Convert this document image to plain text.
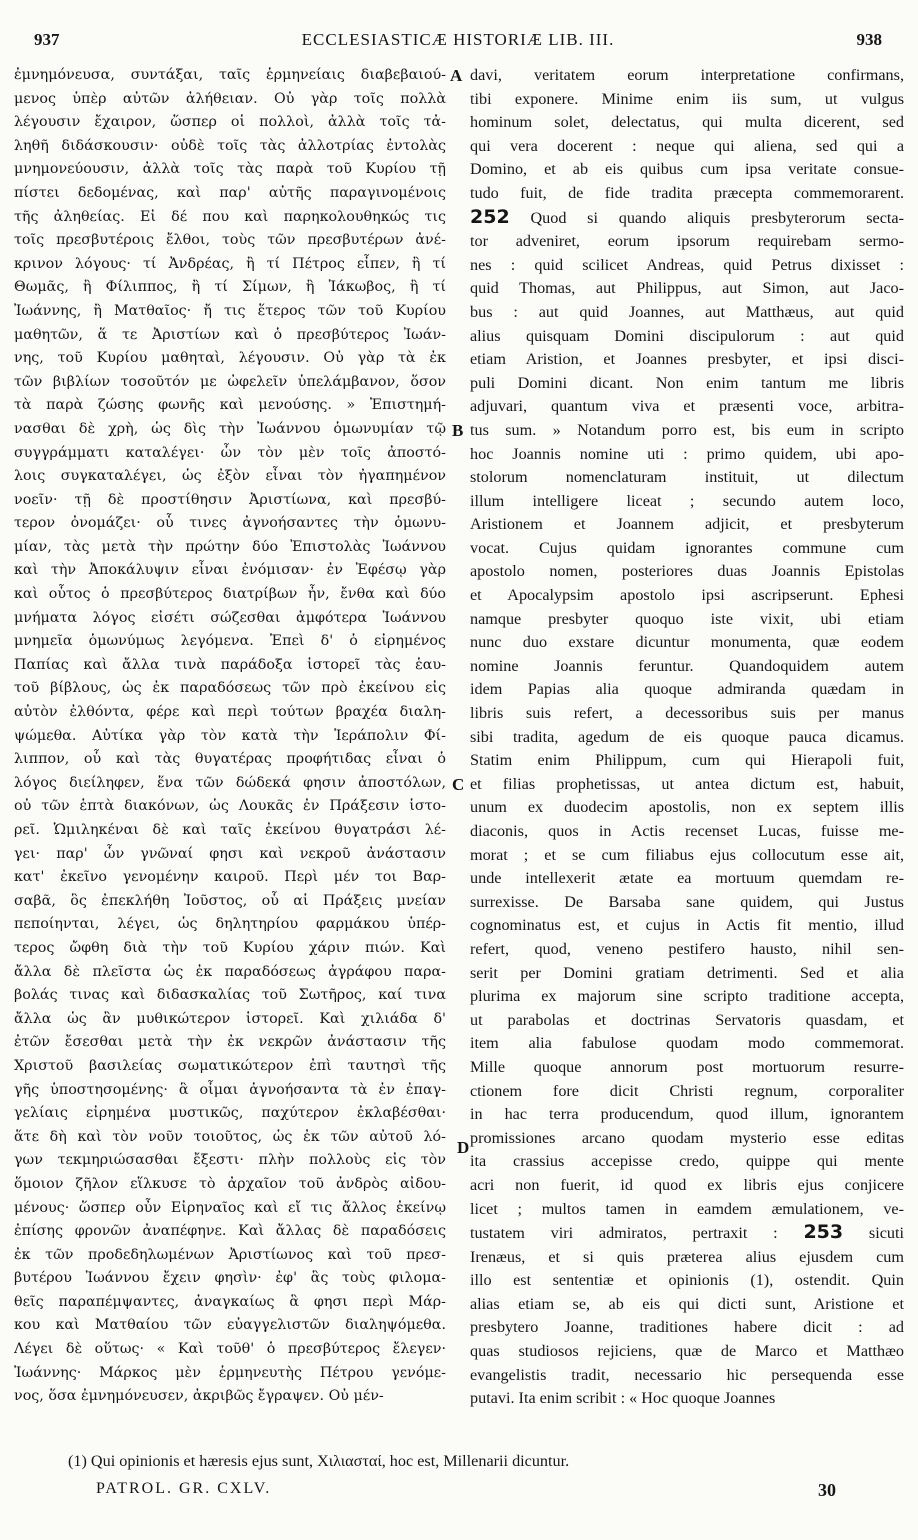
937	ECCLESIASTICÆ HISTORIÆ LIB. III.	938
ἐμνημόνευσα, συντάξαι, ταῖς ἑρμηνείαις διαβεβαιού-
μενος ὑπὲρ αὐτῶν ἀλήθειαν. Οὐ γὰρ τοῖς πολλὰ
λέγουσιν ἔχαιρον, ὥσπερ οἱ πολλοὶ, ἀλλὰ τοῖς τἀ-
ληθῆ διδάσκουσιν· οὐδὲ τοῖς τὰς ἀλλοτρίας ἐντολὰς
μνημονεύουσιν, ἀλλὰ τοῖς τὰς παρὰ τοῦ Κυρίου τῇ
πίστει δεδομένας, καὶ παρ' αὐτῆς παραγινομένοις
τῆς ἀληθείας. Εἰ δέ που καὶ παρηκολουθηκώς τις
τοῖς πρεσβυτέροις ἔλθοι, τοὺς τῶν πρεσβυτέρων ἀνέ-
κρινον λόγους· τί Ἀνδρέας, ἢ τί Πέτρος εἶπεν, ἢ τί
Θωμᾶς, ἢ Φίλιππος, ἢ τί Σίμων, ἢ Ἰάκωβος, ἢ τί
Ἰωάννης, ἢ Ματθαῖος· ἤ τις ἕτερος τῶν τοῦ Κυρίου
μαθητῶν, ἅ τε Ἀριστίων καὶ ὁ πρεσβύτερος Ἰωάν-
νης, τοῦ Κυρίου μαθηταὶ, λέγουσιν. Οὐ γὰρ τὰ ἐκ
τῶν βιβλίων τοσοῦτόν με ὠφελεῖν ὑπελάμβανον, ὅσον
τὰ παρὰ ζώσης φωνῆς καὶ μενούσης. » Ἐπιστημή-
νασθαι δὲ χρὴ, ὡς δὶς τὴν Ἰωάννου ὁμωνυμίαν τῷ
συγγράμματι καταλέγει· ὧν τὸν μὲν τοῖς ἀποστό-
λοις συγκαταλέγει, ὡς ἐξὸν εἶναι τὸν ἠγαπημένον
νοεῖν· τῇ δὲ προστίθησιν Ἀριστίωνα, καὶ πρεσβύ-
τερον ὀνομάζει· οὗ τινες ἀγνοήσαντες τὴν ὁμωνυ-
μίαν, τὰς μετὰ τὴν πρώτην δύο Ἐπιστολὰς Ἰωάννου
καὶ τὴν Ἀποκάλυψιν εἶναι ἐνόμισαν· ἐν Ἐφέσῳ γὰρ
καὶ οὗτος ὁ πρεσβύτερος διατρίβων ἦν, ἔνθα καὶ δύο
μνήματα λόγος εἰσέτι σώζεσθαι ἀμφότερα Ἰωάννου
μνημεῖα ὁμωνύμως λεγόμενα. Ἐπεὶ δ' ὁ εἰρημένος
Παπίας καὶ ἄλλα τινὰ παράδοξα ἱστορεῖ τὰς ἑαυ-
τοῦ βίβλους, ὡς ἐκ παραδόσεως τῶν πρὸ ἐκείνου εἰς
αὐτὸν ἐλθόντα, φέρε καὶ περὶ τούτων βραχέα διαλη-
ψώμεθα. Αὐτίκα γὰρ τὸν κατὰ τὴν Ἱεράπολιν Φί-
λιππον, οὗ καὶ τὰς θυγατέρας προφήτιδας εἶναι ὁ
λόγος διείληφεν, ἕνα τῶν δώδεκά φησιν ἀποστόλων,
οὐ τῶν ἑπτὰ διακόνων, ὡς Λουκᾶς ἐν Πράξεσιν ἱστο-
ρεῖ. Ὡμιληκέναι δὲ καὶ ταῖς ἐκείνου θυγατράσι λέ-
γει· παρ' ὧν γνῶναί φησι καὶ νεκροῦ ἀνάστασιν
κατ' ἐκεῖνο γενομένην καιροῦ. Περὶ μέν τοι Βαρ-
σαβᾶ, ὃς ἐπεκλήθη Ἰοῦστος, οὗ αἱ Πράξεις μνείαν
πεποίηνται, λέγει, ὡς δηλητηρίου φαρμάκου ὑπέρ-
τερος ὤφθη διὰ τὴν τοῦ Κυρίου χάριν πιών. Καὶ
ἄλλα δὲ πλεῖστα ὡς ἐκ παραδόσεως ἀγράφου παρα-
βολάς τινας καὶ διδασκαλίας τοῦ Σωτῆρος, καί τινα
ἄλλα ὡς ἂν μυθικώτερον ἱστορεῖ. Καὶ χιλιάδα δ'
ἐτῶν ἔσεσθαι μετὰ τὴν ἐκ νεκρῶν ἀνάστασιν τῆς
Χριστοῦ βασιλείας σωματικώτερον ἐπὶ ταυτησὶ τῆς
γῆς ὑποστησομένης· ἃ οἶμαι ἀγνοήσαντα τὰ ἐν ἐπαγ-
γελίαις εἰρημένα μυστικῶς, παχύτερον ἐκλαβέσθαι·
ἅτε δὴ καὶ τὸν νοῦν τοιοῦτος, ὡς ἐκ τῶν αὐτοῦ λό-
γων τεκμηριώσασθαι ἔξεστι· πλὴν πολλοὺς εἰς τὸν
ὅμοιον ζῆλον εἵλκυσε τὸ ἀρχαῖον τοῦ ἀνδρὸς αἰδου-
μένους· ὥσπερ οὖν Εἰρηναῖος καὶ εἴ τις ἄλλος ἐκείνῳ
ἐπίσης φρονῶν ἀναπέφηνε. Καὶ ἄλλας δὲ παραδόσεις
ἐκ τῶν προδεδηλωμένων Ἀριστίωνος καὶ τοῦ πρεσ-
βυτέρου Ἰωάννου ἔχειν φησὶν· ἐφ' ἃς τοὺς φιλομα-
θεῖς παραπέμψαντες, ἀναγκαίως ἃ φησι περὶ Μάρ-
κου καὶ Ματθαίου τῶν εὐαγγελιστῶν διαληψόμεθα.
Λέγει δὲ οὕτως· « Καὶ τοῦθ' ὁ πρεσβύτερος ἔλεγεν·
Ἰωάννης· Μάρκος μὲν ἑρμηνευτὴς Πέτρου γενόμε-
νος, ὅσα ἐμνημόνευσεν, ἀκριβῶς ἔγραψεν. Οὐ μέν-
davi, veritatem eorum interpretatione confirmans,
tibi exponere. Minime enim iis sum, ut vulgus
hominum solet, delectatus, qui multa dicerent, sed
qui vera docerent : neque qui aliena, sed qui a
Domino, et ab eis quibus cum ipsa veritate consue-
tudo fuit, de fide tradita præcepta commemorarent.
252 Quod si quando aliquis presbyterorum secta-
tor adveniret, eorum ipsorum requirebam sermo-
nes : quid scilicet Andreas, quid Petrus dixisset :
quid Thomas, aut Philippus, aut Simon, aut Jaco-
bus : aut quid Joannes, aut Matthæus, aut quid
alius quisquam Domini discipulorum : aut quid
etiam Aristion, et Joannes presbyter, et ipsi disci-
puli Domini dicant. Non enim tantum me libris
adjuvari, quantum viva et præsenti voce, arbitra-
tus sum. » Notandum porro est, bis eum in scripto
hoc Joannis nomine uti : primo quidem, ubi apo-
stolorum nomenclaturam instituit, ut dilectum
illum intelligere liceat ; secundo autem loco,
Aristionem et Joannem adjicit, et presbyterum
vocat. Cujus quidam ignorantes commune cum
apostolo nomen, posteriores duas Joannis Epistolas
et Apocalypsim apostolo ipsi ascripserunt. Ephesi
namque presbyter quoquo iste vixit, ubi etiam
nunc duo exstare dicuntur monumenta, quæ eodem
nomine Joannis feruntur. Quandoquidem autem
idem Papias alia quoque admiranda quædam in
libris suis refert, a decessoribus suis per manus
sibi tradita, agedum de eis quoque pauca dicamus.
Statim enim Philippum, cum qui Hierapoli fuit,
et filias prophetissas, ut antea dictum est, habuit,
unum ex duodecim apostolis, non ex septem illis
diaconis, quos in Actis recenset Lucas, fuisse me-
morat ; et se cum filiabus ejus collocutum esse ait,
unde intellexerit ætate ea mortuum quemdam re-
surrexisse. De Barsaba sane quidem, qui Justus
cognominatus est, et cujus in Actis fit mentio, illud
refert, quod, veneno pestifero hausto, nihil sen-
serit per Domini gratiam detrimenti. Sed et alia
plurima ex majorum sine scripto traditione accepta,
ut parabolas et doctrinas Servatoris quasdam, et
item alia fabulose quodam modo commemorat.
Mille quoque annorum post mortuorum resurre-
ctionem fore dicit Christi regnum, corporaliter
in hac terra producendum, quod illum, ignorantem
promissiones arcano quodam mysterio esse editas
ita crassius accepisse credo, quippe qui mente
acri non fuerit, id quod ex libris ejus conjicere
licet ; multos tamen in eamdem æmulationem, ve-
tustatem viri admiratos, pertraxit : 253 sicuti
Irenæus, et si quis præterea alius ejusdem cum
illo est sententiæ et opinionis (1), ostendit. Quin
alias etiam se, ab eis qui dicti sunt, Aristione et
presbytero Joanne, traditiones habere dicit : ad
quas studiosos rejiciens, quæ de Marco et Matthæo
evangelistis tradit, necessario hic persequenda esse
putavi. Ita enim scribit : « Hoc quoque Joannes
A
B
C
D
(1) Qui opinionis et hæresis ejus sunt, Χιλιασταί, hoc est, Millenarii dicuntur.
PATROL. GR. CXLV.	30
